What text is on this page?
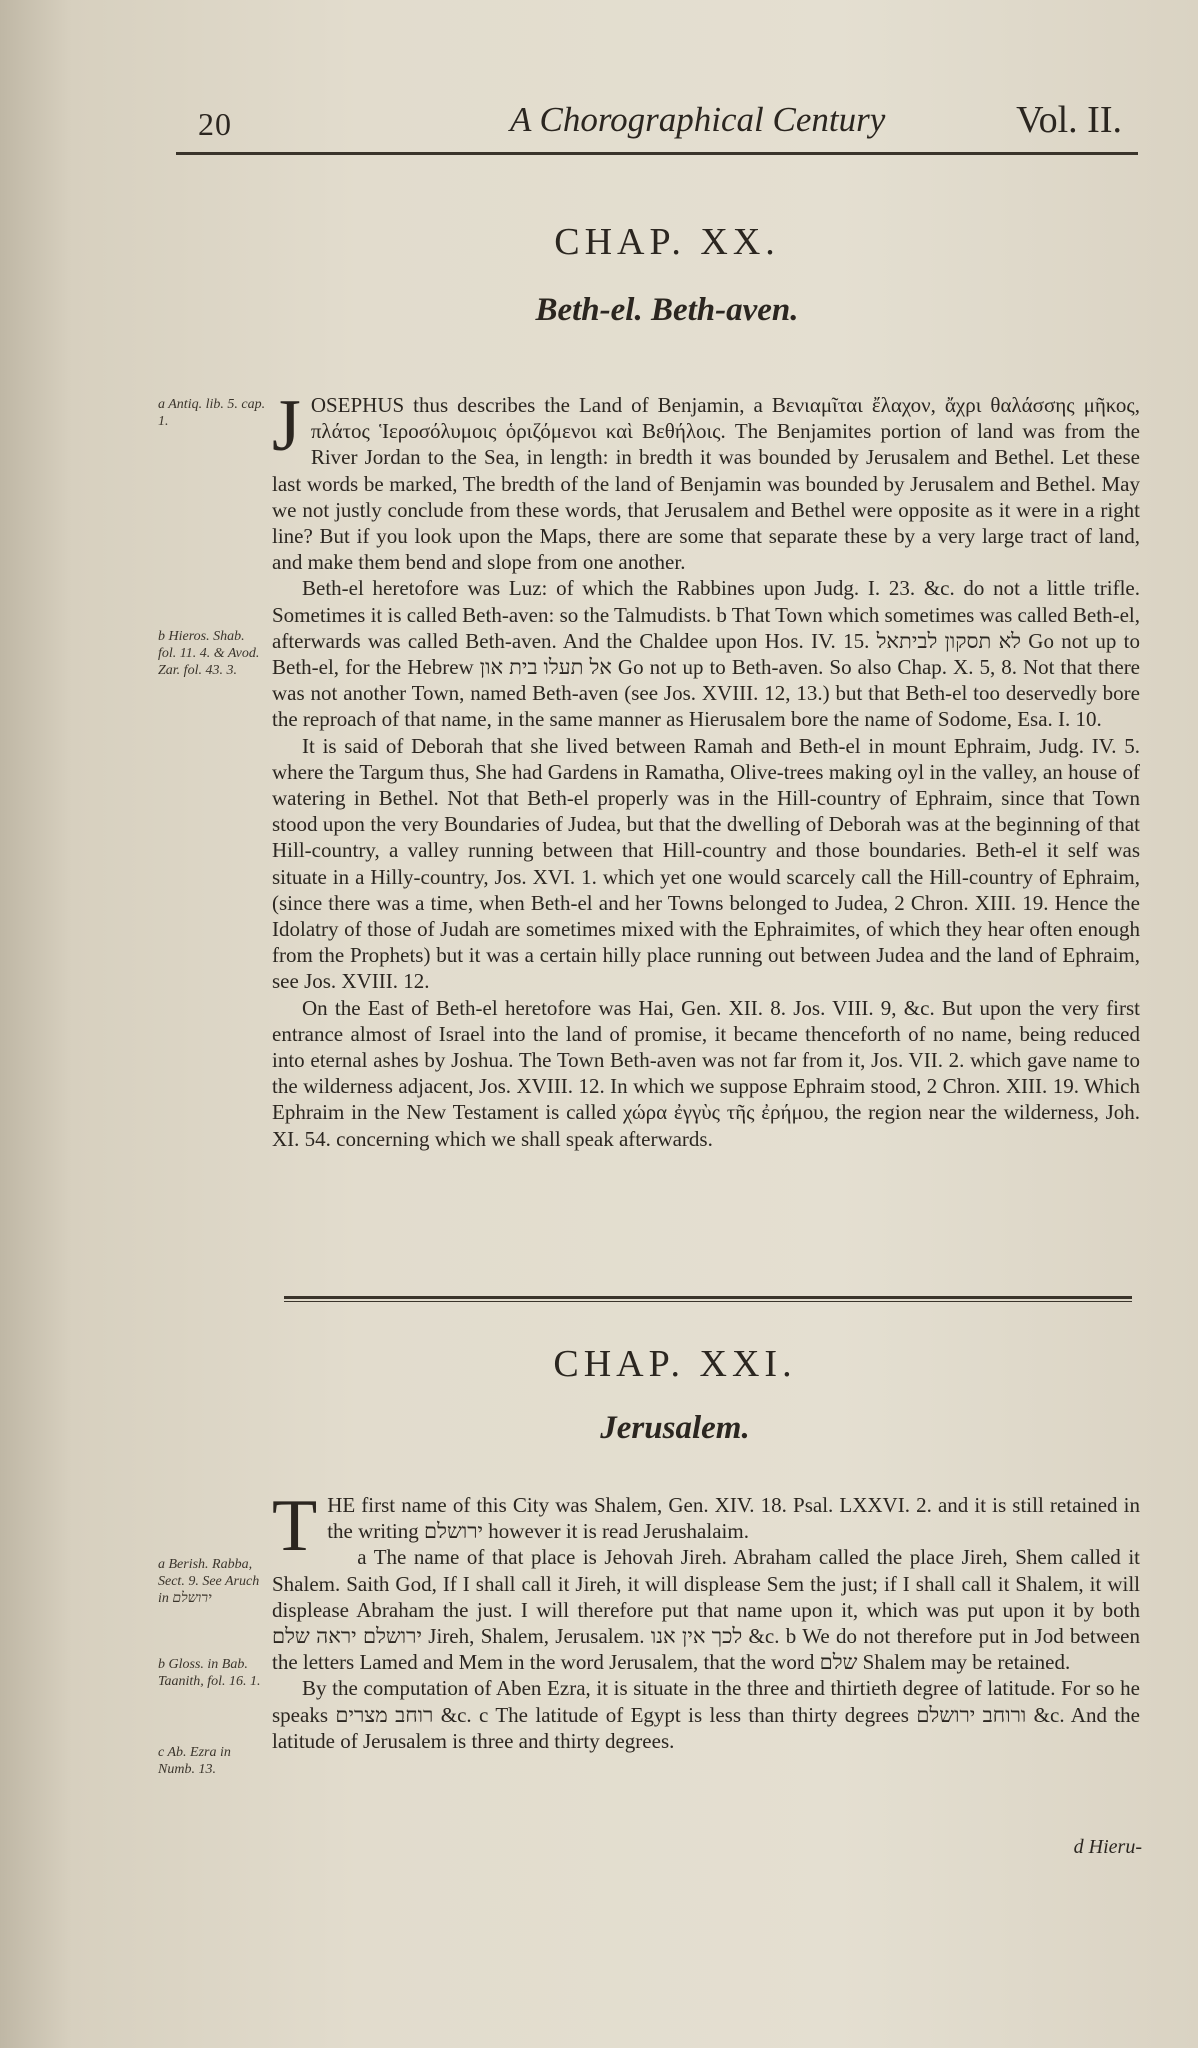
20	A Chorographical Century	Vol. II.
CHAP. XX.
Beth-el. Beth-aven.
a Antiq. lib. 5. cap. 1.
b Hieros. Shab. fol. 11. 4. & Avod. Zar. fol. 43. 3.

JOSEPHUS thus describes the Land of Benjamin, a Βενιαμῖται ἔλαχον, ἄχρι θαλάσσης μῆκος, πλάτος Ἱεροσόλυμοις ὁριζόμενοι καὶ Βεθήλοις. The Benjamites portion of land was from the River Jordan to the Sea, in length: in bredth it was bounded by Jerusalem and Bethel. Let these last words be marked, The bredth of the land of Benjamin was bounded by Jerusalem and Bethel. May we not justly conclude from these words, that Jerusalem and Bethel were opposite as it were in a right line? But if you look upon the Maps, there are some that separate these by a very large tract of land, and make them bend and slope from one another.

Beth-el heretofore was Luz: of which the Rabbines upon Judg. I. 23. &c. do not a little trifle. Sometimes it is called Beth-aven: so the Talmudists. b That Town which sometimes was called Beth-el, afterwards was called Beth-aven. And the Chaldee upon Hos. IV. 15. לא תסקון לביתאל Go not up to Beth-el, for the Hebrew אל תעלו בית און Go not up to Beth-aven. So also Chap. X. 5, 8. Not that there was not another Town, named Beth-aven (see Jos. XVIII. 12, 13.) but that Beth-el too deservedly bore the reproach of that name, in the same manner as Hierusalem bore the name of Sodome, Esa. I. 10.

It is said of Deborah that she lived between Ramah and Beth-el in mount Ephraim, Judg. IV. 5. where the Targum thus, She had Gardens in Ramatha, Olive-trees making oyl in the valley, an house of watering in Bethel. Not that Beth-el properly was in the Hill-country of Ephraim, since that Town stood upon the very Boundaries of Judea, but that the dwelling of Deborah was at the beginning of that Hill-country, a valley running between that Hill-country and those boundaries. Beth-el it self was situate in a Hilly-country, Jos. XVI. 1. which yet one would scarcely call the Hill-country of Ephraim, (since there was a time, when Beth-el and her Towns belonged to Judea, 2 Chron. XIII. 19. Hence the Idolatry of those of Judah are sometimes mixed with the Ephraimites, of which they hear often enough from the Prophets) but it was a certain hilly place running out between Judea and the land of Ephraim, see Jos. XVIII. 12.

On the East of Beth-el heretofore was Hai, Gen. XII. 8. Jos. VIII. 9, &c. But upon the very first entrance almost of Israel into the land of promise, it became thenceforth of no name, being reduced into eternal ashes by Joshua. The Town Beth-aven was not far from it, Jos. VII. 2. which gave name to the wilderness adjacent, Jos. XVIII. 12. In which we suppose Ephraim stood, 2 Chron. XIII. 19. Which Ephraim in the New Testament is called χώρα ἐγγὺς τῆς ἐρήμου, the region near the wilderness, Joh. XI. 54. concerning which we shall speak afterwards.

CHAP. XXI.
Jerusalem.
a Berish. Rabba, Sect. 9. See Aruch in ירושלם
b Gloss. in Bab. Taanith, fol. 16. 1.
c Ab. Ezra in Numb. 13.

THE first name of this City was Shalem, Gen. XIV. 18. Psal. LXXVI. 2. and it is still retained in the writing ירושלם however it is read Jerushalaim.

a The name of that place is Jehovah Jireh. Abraham called the place Jireh, Shem called it Shalem. Saith God, If I shall call it Jireh, it will displease Sem the just; if I shall call it Shalem, it will displease Abraham the just. I will therefore put that name upon it, which was put upon it by both ירושלם יראה שלם Jireh, Shalem, Jerusalem. לכך אין אנו &c. b We do not therefore put in Jod between the letters Lamed and Mem in the word Jerusalem, that the word שלם Shalem may be retained.

By the computation of Aben Ezra, it is situate in the three and thirtieth degree of latitude. For so he speaks רוחב מצרים &c. c The latitude of Egypt is less than thirty degrees ורוחב ירושלם &c. And the latitude of Jerusalem is three and thirty degrees.

d Hieru-
